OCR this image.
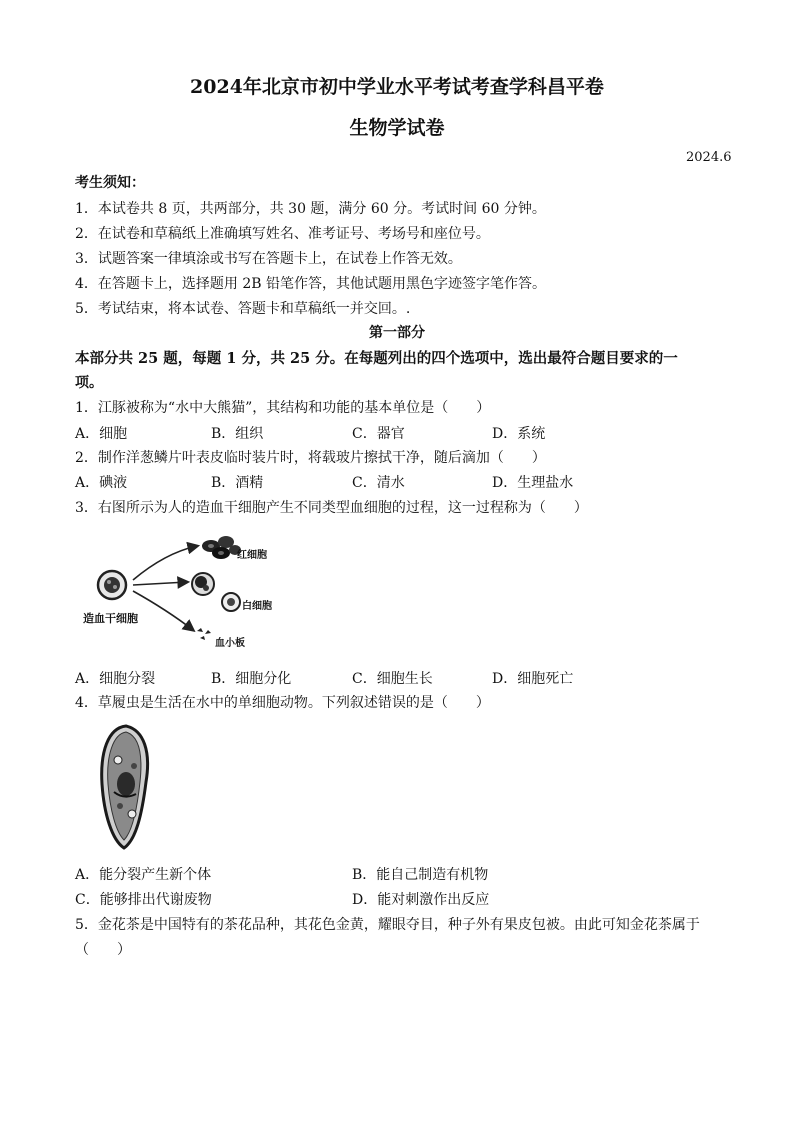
2024年北京市初中学业水平考试考查学科昌平卷
生物学试卷
2024.6
考生须知：
1．本试卷共 8 页，共两部分，共 30 题，满分 60 分。考试时间 60 分钟。
2．在试卷和草稿纸上准确填写姓名、准考证号、考场号和座位号。
3．试题答案一律填涂或书写在答题卡上，在试卷上作答无效。
4．在答题卡上，选择题用 2B 铅笔作答，其他试题用黑色字迹签字笔作答。
5．考试结束，将本试卷、答题卡和草稿纸一并交回。.
第一部分
本部分共 25 题，每题 1 分，共 25 分。在每题列出的四个选项中，选出最符合题目要求的一
项。
1．江豚被称为“水中大熊猫”，其结构和功能的基本单位是（　　）
A．细胞	B．组织	C．器官	D．系统
2．制作洋葱鳞片叶表皮临时装片时，将载玻片擦拭干净，随后滴加（　　）
A．碘液	B．酒精	C．清水	D．生理盐水
3．右图所示为人的造血干细胞产生不同类型血细胞的过程，这一过程称为（　　）
红细胞
白细胞
血小板
造血干细胞
A．细胞分裂	B．细胞分化	C．细胞生长	D．细胞死亡
4．草履虫是生活在水中的单细胞动物。下列叙述错误的是（　　）
A．能分裂产生新个体	B．能自己制造有机物
C．能够排出代谢废物	D．能对刺激作出反应
5．金花茶是中国特有的茶花品种，其花色金黄，耀眼夺目，种子外有果皮包被。由此可知金花茶属于
（　　）
